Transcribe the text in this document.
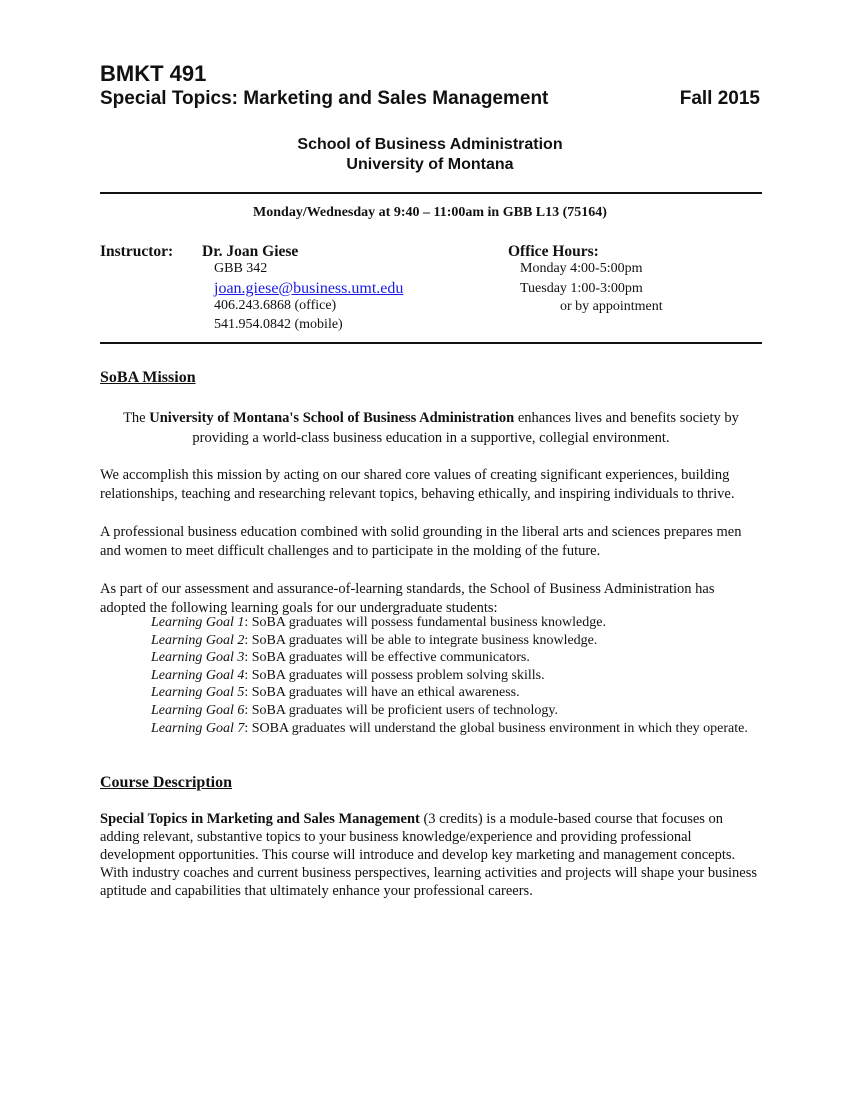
BMKT 491
Special Topics: Marketing and Sales Management	Fall 2015
School of Business Administration
University of Montana
Monday/Wednesday at 9:40 – 11:00am in GBB L13 (75164)
Instructor: Dr. Joan Giese
GBB 342
joan.giese@business.umt.edu
406.243.6868 (office)
541.954.0842 (mobile)
Office Hours:
Monday 4:00-5:00pm
Tuesday 1:00-3:00pm
or by appointment
SoBA Mission
The University of Montana's School of Business Administration enhances lives and benefits society by providing a world-class business education in a supportive, collegial environment.
We accomplish this mission by acting on our shared core values of creating significant experiences, building relationships, teaching and researching relevant topics, behaving ethically, and inspiring individuals to thrive.
A professional business education combined with solid grounding in the liberal arts and sciences prepares men and women to meet difficult challenges and to participate in the molding of the future.
As part of our assessment and assurance-of-learning standards, the School of Business Administration has adopted the following learning goals for our undergraduate students:
Learning Goal 1: SoBA graduates will possess fundamental business knowledge.
Learning Goal 2: SoBA graduates will be able to integrate business knowledge.
Learning Goal 3: SoBA graduates will be effective communicators.
Learning Goal 4: SoBA graduates will possess problem solving skills.
Learning Goal 5: SoBA graduates will have an ethical awareness.
Learning Goal 6: SoBA graduates will be proficient users of technology.
Learning Goal 7: SOBA graduates will understand the global business environment in which they operate.
Course Description
Special Topics in Marketing and Sales Management (3 credits) is a module-based course that focuses on adding relevant, substantive topics to your business knowledge/experience and providing professional development opportunities. This course will introduce and develop key marketing and management concepts. With industry coaches and current business perspectives, learning activities and projects will shape your business aptitude and capabilities that ultimately enhance your professional careers.
